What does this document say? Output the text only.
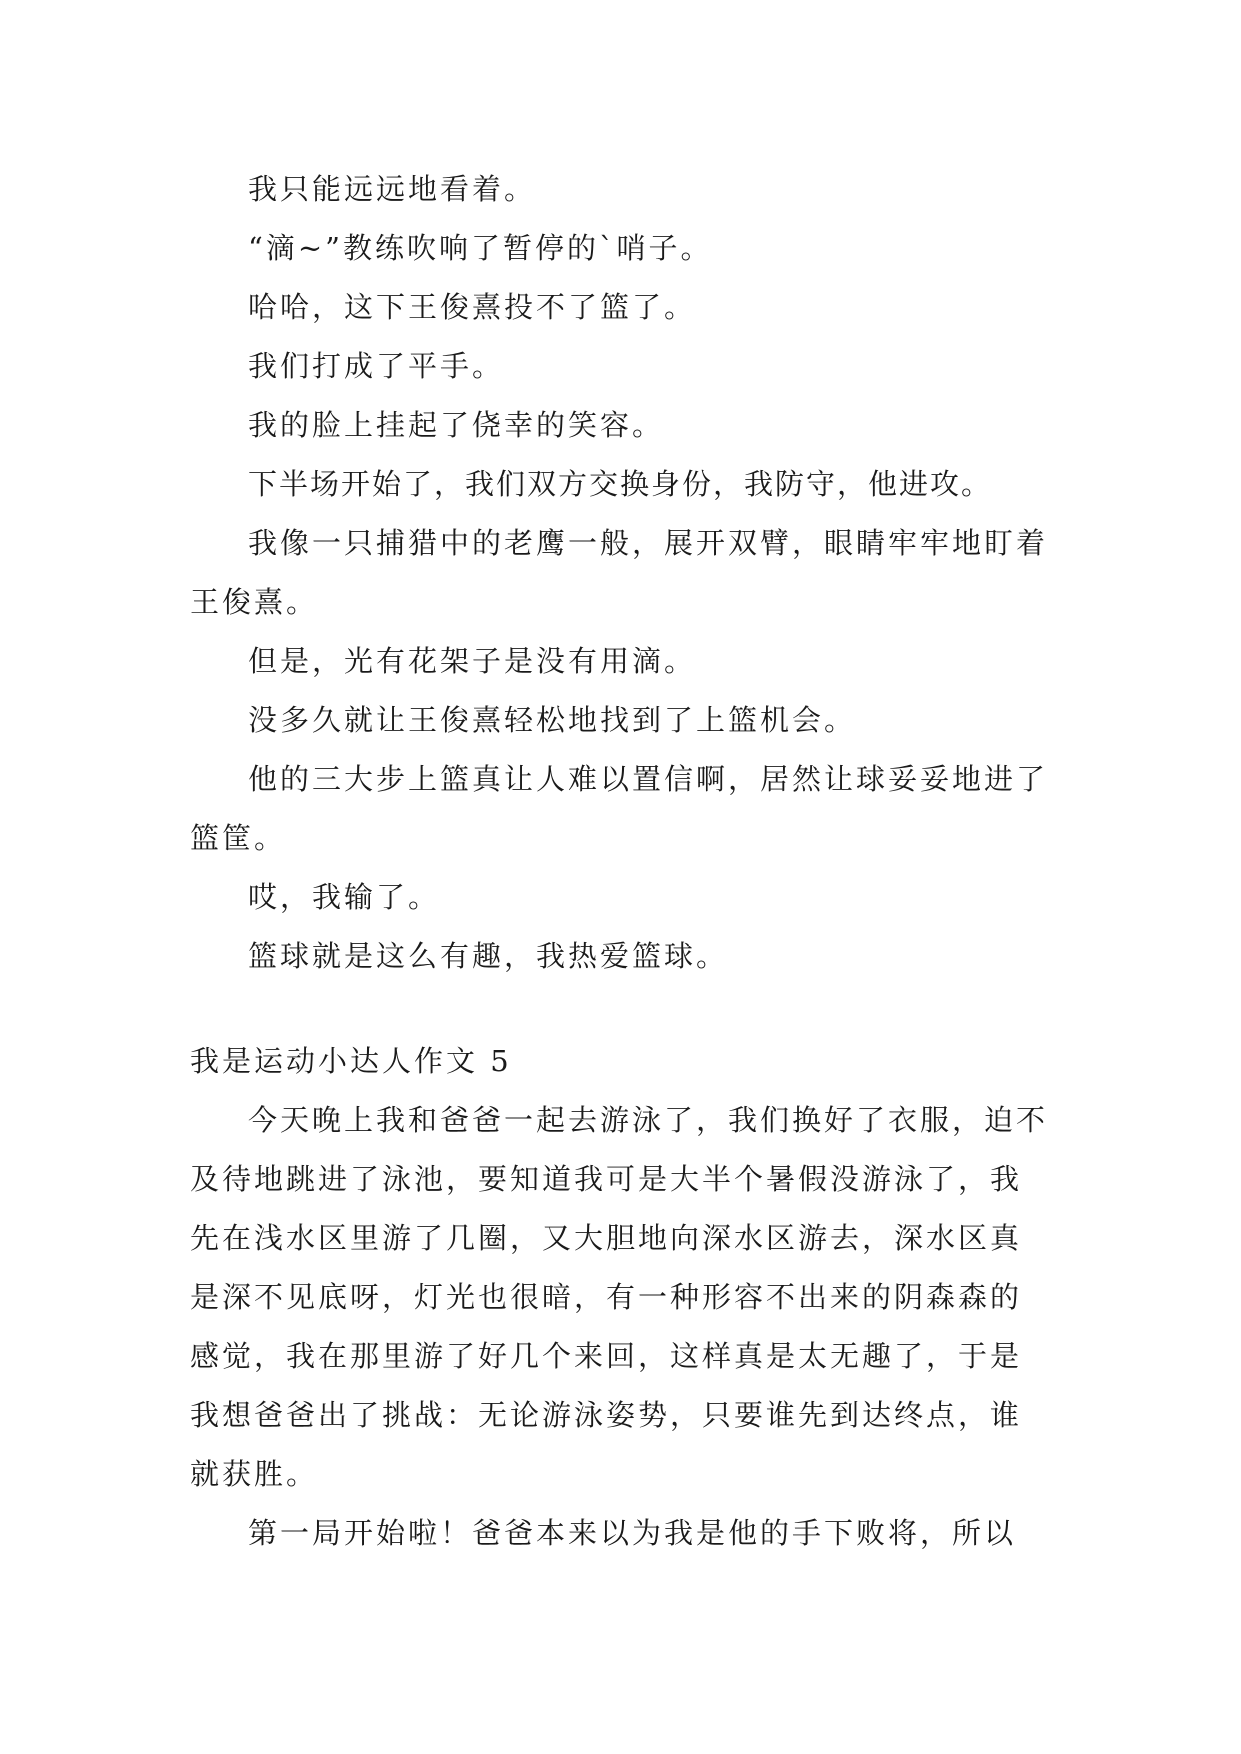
我只能远远地看着。

“滴~”教练吹响了暂停的`哨子。

哈哈，这下王俊熹投不了篮了。

我们打成了平手。

我的脸上挂起了侥幸的笑容。

下半场开始了，我们双方交换身份，我防守，他进攻。

我像一只捕猎中的老鹰一般，展开双臂，眼睛牢牢地盯着王俊熹。

但是，光有花架子是没有用滴。

没多久就让王俊熹轻松地找到了上篮机会。

他的三大步上篮真让人难以置信啊，居然让球妥妥地进了篮筐。

哎，我输了。

篮球就是这么有趣，我热爱篮球。

我是运动小达人作文 5

今天晚上我和爸爸一起去游泳了，我们换好了衣服，迫不及待地跳进了泳池，要知道我可是大半个暑假没游泳了，我先在浅水区里游了几圈，又大胆地向深水区游去，深水区真是深不见底呀，灯光也很暗，有一种形容不出来的阴森森的感觉，我在那里游了好几个来回，这样真是太无趣了，于是我想爸爸出了挑战：无论游泳姿势，只要谁先到达终点，谁就获胜。

第一局开始啦！爸爸本来以为我是他的手下败将，所以
